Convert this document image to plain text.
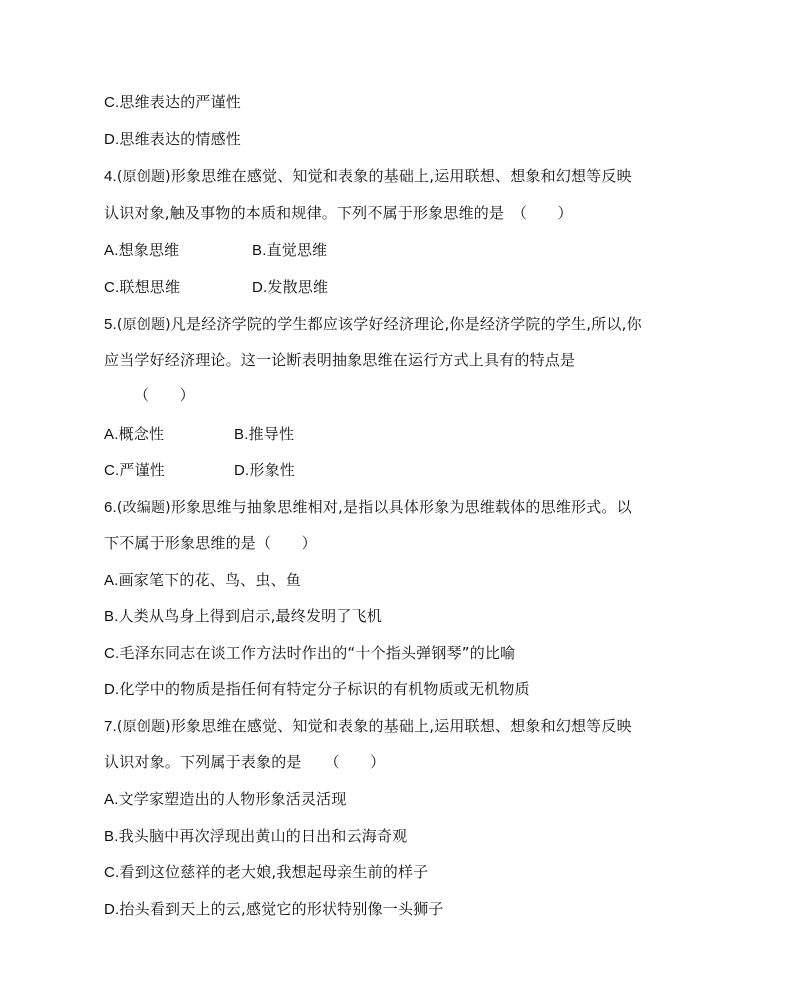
C.思维表达的严谨性
D.思维表达的情感性
4.(原创题)形象思维在感觉、知觉和表象的基础上,运用联想、想象和幻想等反映
认识对象,触及事物的本质和规律。下列不属于形象思维的是　（　　）
A.想象思维	B.直觉思维
C.联想思维	D.发散思维
5.(原创题)凡是经济学院的学生都应该学好经济理论,你是经济学院的学生,所以,你
应当学好经济理论。这一论断表明抽象思维在运行方式上具有的特点是
（　　）
A.概念性	B.推导性
C.严谨性	D.形象性
6.(改编题)形象思维与抽象思维相对,是指以具体形象为思维载体的思维形式。以
下不属于形象思维的是（　　）
A.画家笔下的花、鸟、虫、鱼
B.人类从鸟身上得到启示,最终发明了飞机
C.毛泽东同志在谈工作方法时作出的“十个指头弹钢琴”的比喻
D.化学中的物质是指任何有特定分子标识的有机物质或无机物质
7.(原创题)形象思维在感觉、知觉和表象的基础上,运用联想、想象和幻想等反映
认识对象。下列属于表象的是　　（　　）
A.文学家塑造出的人物形象活灵活现
B.我头脑中再次浮现出黄山的日出和云海奇观
C.看到这位慈祥的老大娘,我想起母亲生前的样子
D.抬头看到天上的云,感觉它的形状特别像一头狮子
